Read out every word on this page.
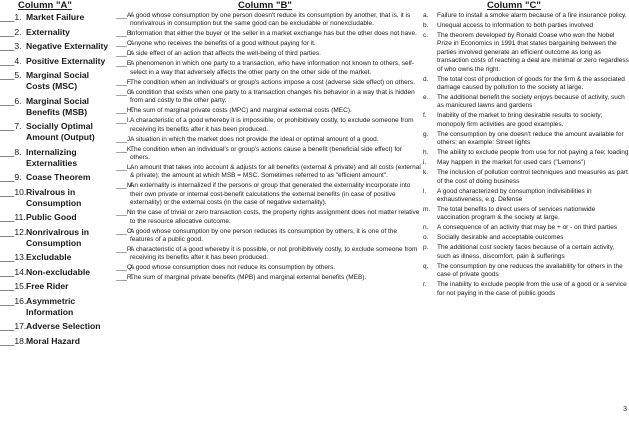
Column "A"	Column "B"	Column "C"
___1. Market Failure
___2. Externality
___3. Negative Externality
___4. Positive Externality
___5. Marginal Social Costs (MSC)
___6. Marginal Social Benefits (MSB)
___7. Socially Optimal Amount (Output)
___8. Internalizing Externalities
___9. Coase Theorem
___10. Rivalrous in Consumption
___11. Public Good
___12. Nonrivalrous in Consumption
___13. Excludable
___14. Non-excludable
___15. Free Rider
___16. Asymmetric Information
___17. Adverse Selection
___18. Moral Hazard
___A.
A good whose consumption by one person doesn't reduce its consumption by another, that is, it is nonrivalrous in consumption but the same good can be excludable or nonexcludable.
___B.
Information that either the buyer or the seller in a market exchange has but the other does not have.
___C.
Anyone who receives the benefits of a good without paying for it.
___D.
A side effect of an action that affects the well-being of third parties.
___E.
A phenomenon in which one party to a transaction, who have information not known to others, self-select in a way that adversely affects the other party on the other side of the market.
___F.
The condition when an individual's or group's actions impose a cost (adverse side effect) on others.
___G.
A condition that exists when one party to a transaction changes his behavior in a way that is hidden from and costly to the other party.
___H.
The sum of marginal private costs (MPC) and marginal external costs (MEC).
___I. A characteristic of a good whereby it is impossible, or prohibitively costly, to exclude someone from receiving its benefits after it has been produced.
___J.
A situation in which the market does not provide the ideal or optimal amount of a good.
___K.
The condition when an individual's or group's actions cause a benefit (beneficial side effect) for others.
___L.
An amount that takes into account & adjusts for all benefits (external & private) and all costs (external & private); the amount at which MSB = MSC. Sometimes referred to as "efficient amount".
___M.
An externality is internalized if the persons or group that generated the externality incorporate into their own private or internal cost-benefit calculations the external benefits (in case of positive externality) or the external costs (in the case of negative externality).
___N.
In the case of trivial or zero transaction costs, the property rights assignment does not matter relative to the resource allocative outcome.
___O.
A good whose consumption by one person reduces its consumption by others, it is one of the features of a public good.
___P.
A characteristic of a good whereby it is possible, or not prohibitively costly, to exclude someone from receiving its benefits after it has been produced.
___Q.
A good whose consumption does not reduce its consumption by others.
___R.
The sum of marginal private benefits (MPB) and marginal external benefits (MEB).
a. Failure to install a smoke alarm because of a fire insurance policy.
b. Unequal access to information to both parties involved
c. The theorem developed by Ronald Coase who won the Nobel Prize in Economics in 1991 that states bargaining between the parties involved generate an efficient outcome as long as transaction costs of reaching a deal are minimal or zero regardless of who owns the right.
d. The total cost of production of goods for the firm & the associated damage caused by pollution to the society at large.
e. The additional benefit the society enjoys because of activity, such as manicured lawns and gardens
f. Inability of the market to bring desirable results to society; monopoly firm activities are good examples.
g. The consumption by one doesn't reduce the amount available for others; an example: Street lights
h. The ability to exclude people from use for not paying a fee; loading
i. May happen in the market for used cars ("Lemons")
k. The inclusion of pollution control techniques and measures as part of the cost of doing business
l. A good characterized by consumption indivisibilities in exhaustiveness, e.g. Defense
m. The total benefits to direct users of services nationwide vaccination program & the society at large.
n. A consequence of an activity that may be + or - on third parties
o. Socially desirable and acceptable outcomes
p. The additional cost society faces because of a certain activity, such as illness, discomfort, pain & sufferings
q. The consumption by one reduces the availability for others in the case of private goods
r. The inability to exclude people from the use of a good or a service for not paying in the case of public goods
3
